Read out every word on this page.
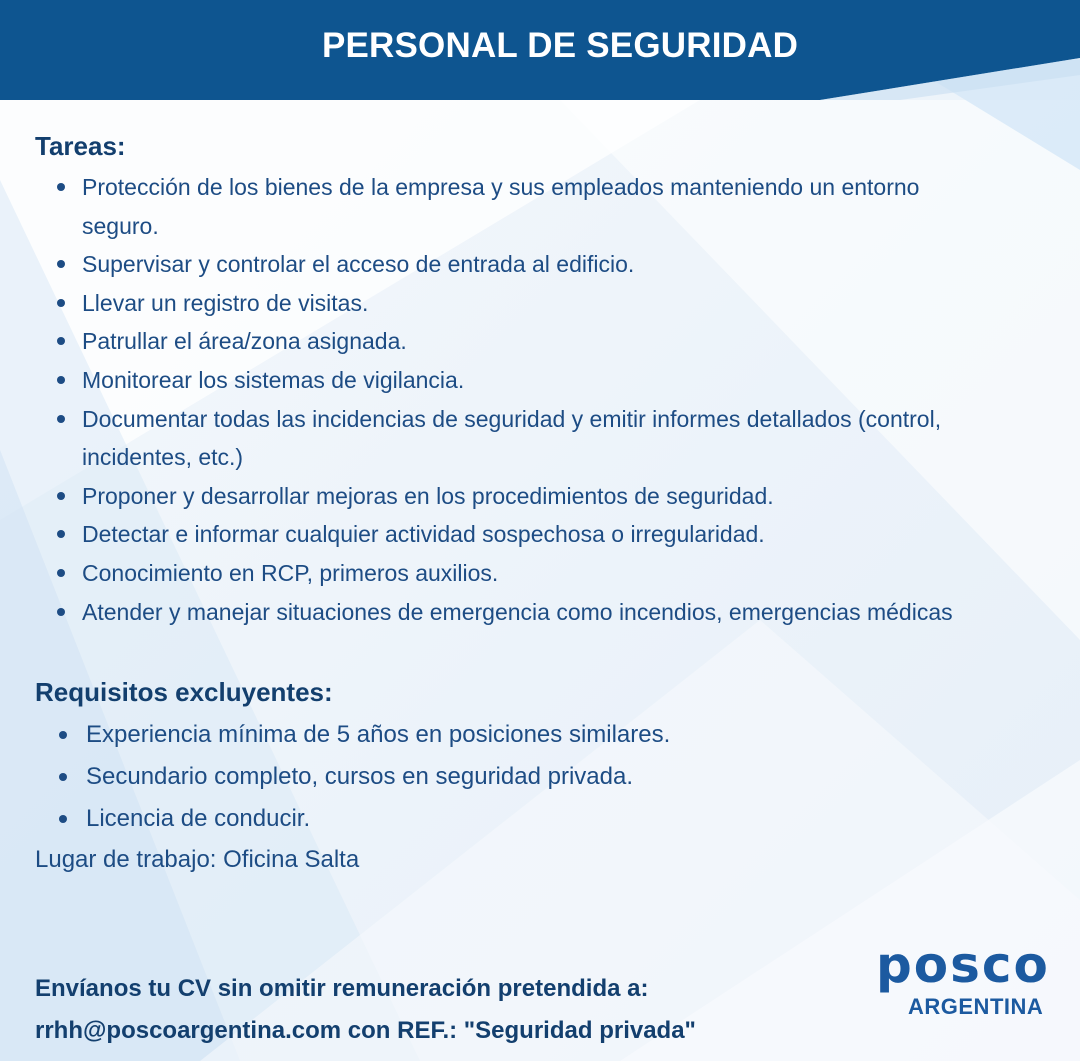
PERSONAL DE SEGURIDAD
Tareas:
Protección de los bienes de la empresa y sus empleados manteniendo un entorno seguro.
Supervisar y controlar el acceso de entrada al edificio.
Llevar un registro de visitas.
Patrullar el área/zona asignada.
Monitorear los sistemas de vigilancia.
Documentar todas las incidencias de seguridad y emitir informes detallados (control, incidentes, etc.)
Proponer y desarrollar mejoras en los procedimientos de seguridad.
Detectar e informar cualquier actividad sospechosa o irregularidad.
Conocimiento en RCP, primeros auxilios.
Atender y manejar situaciones de emergencia como incendios, emergencias médicas
Requisitos excluyentes:
Experiencia mínima de 5 años en posiciones similares.
Secundario completo, cursos en seguridad privada.
Licencia de conducir.
Lugar de trabajo: Oficina Salta
Envíanos tu CV sin omitir remuneración pretendida a:
rrhh@poscoargentina.com con REF.: "Seguridad privada"
posco
ARGENTINA
